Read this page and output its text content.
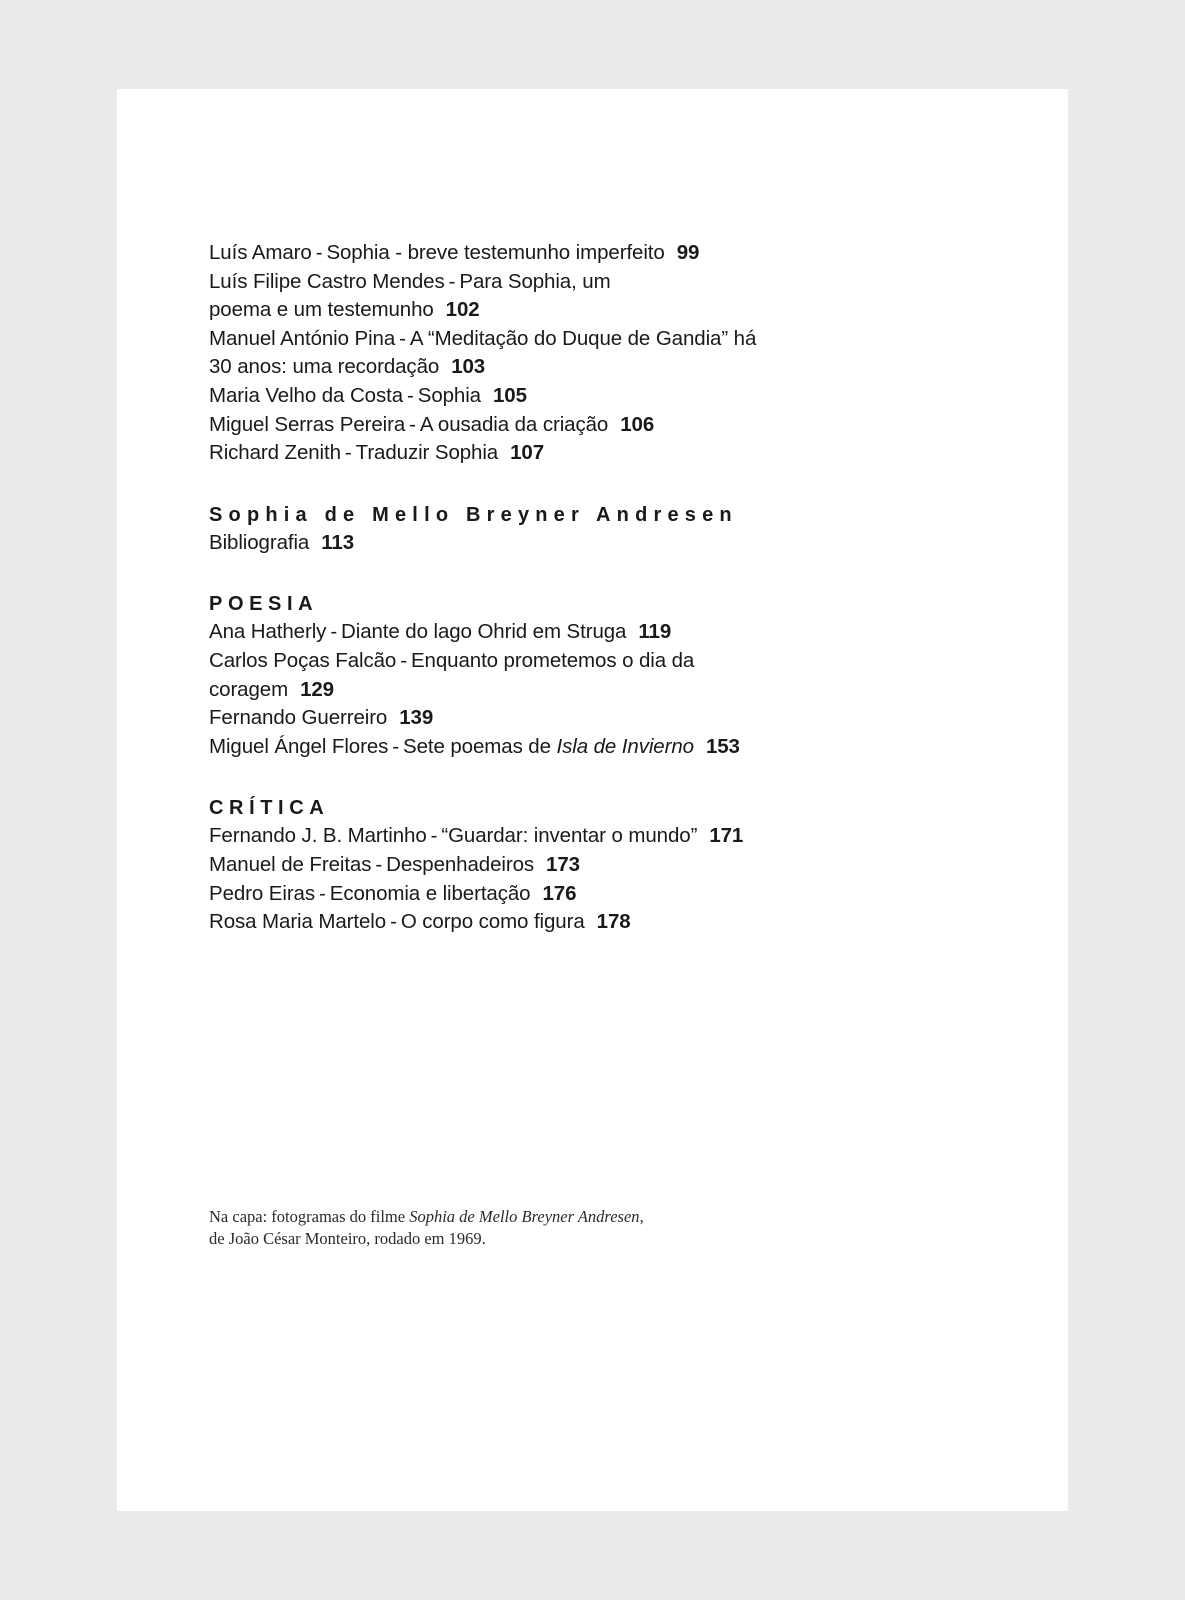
Luís Amaro - Sophia - breve testemunho imperfeito 99

Luís Filipe Castro Mendes - Para Sophia, um
poema e um testemunho 102

Manuel António Pina - A “Meditação do Duque de Gandia” há
30 anos: uma recordação 103

Maria Velho da Costa - Sophia 105

Miguel Serras Pereira - A ousadia da criação 106

Richard Zenith - Traduzir Sophia 107

Sophia de Mello Breyner Andresen

Bibliografia 113

POESIA

Ana Hatherly - Diante do lago Ohrid em Struga 119

Carlos Poças Falcão - Enquanto prometemos o dia da
coragem 129

Fernando Guerreiro 139

Miguel Ángel Flores - Sete poemas de Isla de Invierno 153

CRÍTICA

Fernando J. B. Martinho - “Guardar: inventar o mundo” 171

Manuel de Freitas - Despenhadeiros 173

Pedro Eiras - Economia e libertação 176

Rosa Maria Martelo - O corpo como figura 178

Na capa: fotogramas do filme Sophia de Mello Breyner Andresen,
de João César Monteiro, rodado em 1969.
